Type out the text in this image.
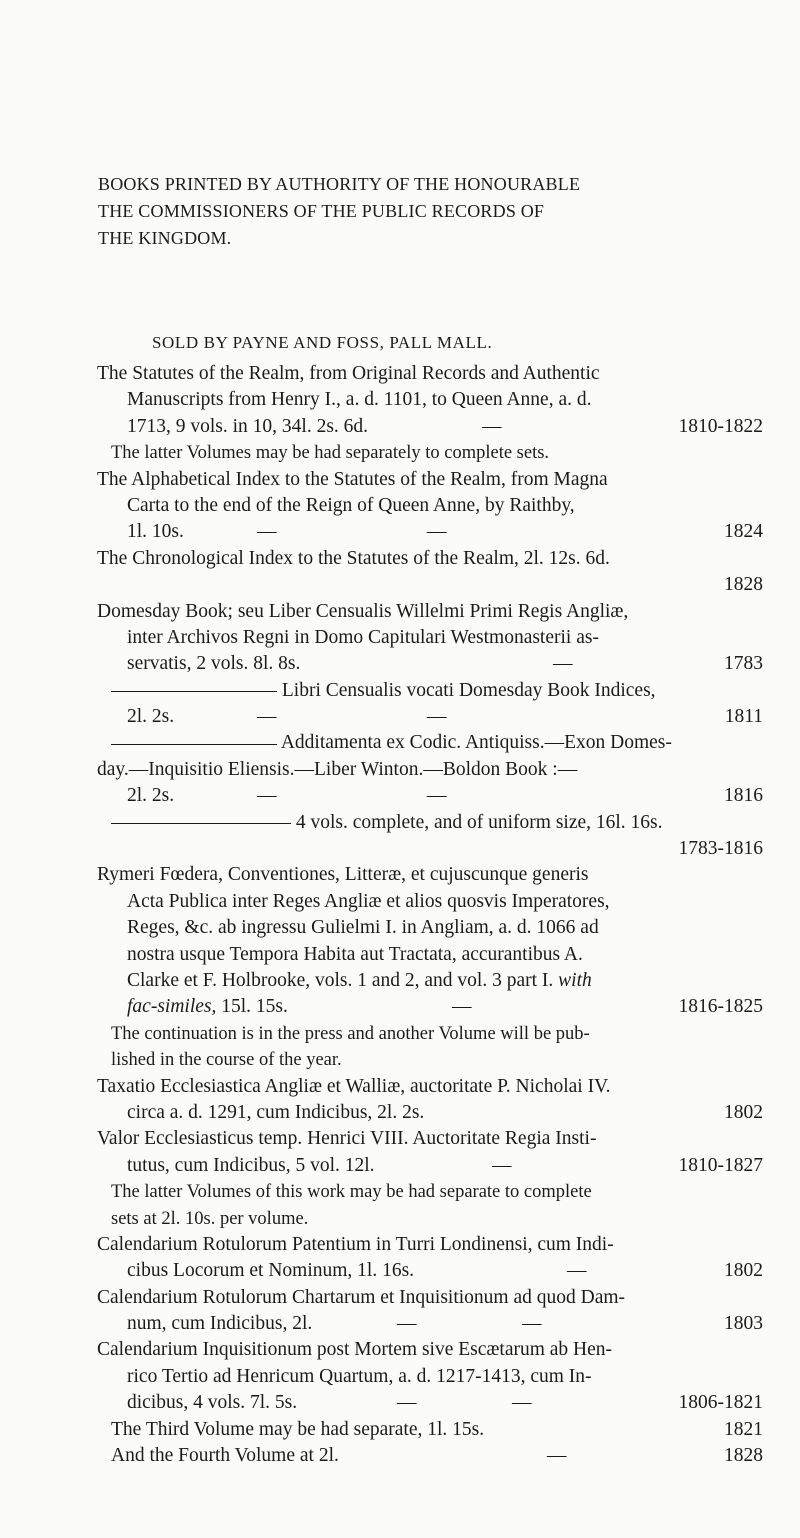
BOOKS PRINTED BY AUTHORITY OF THE HONOURABLE
THE COMMISSIONERS OF THE PUBLIC RECORDS OF
THE KINGDOM.
SOLD BY PAYNE AND FOSS, PALL MALL.
The Statutes of the Realm, from Original Records and Authentic
Manuscripts from Henry I., a. d. 1101, to Queen Anne, a. d.
1713, 9 vols. in 10, 34l. 2s. 6d.	—	1810-1822
The latter Volumes may be had separately to complete sets.
The Alphabetical Index to the Statutes of the Realm, from Magna
Carta to the end of the Reign of Queen Anne, by Raithby,
1l. 10s.	—	—	1824
The Chronological Index to the Statutes of the Realm, 2l. 12s. 6d.
1828
Domesday Book; seu Liber Censualis Willelmi Primi Regis Angliæ,
inter Archivos Regni in Domo Capitulari Westmonasterii as-
servatis, 2 vols. 8l. 8s.	—	1783
Libri Censualis vocati Domesday Book Indices,
2l. 2s.	—	—	1811
Additamenta ex Codic. Antiquiss.—Exon Domes-
day.—Inquisitio Eliensis.—Liber Winton.—Boldon Book :—
2l. 2s.	—	—	1816
4 vols. complete, and of uniform size, 16l. 16s.
1783-1816
Rymeri Fœdera, Conventiones, Litteræ, et cujuscunque generis
Acta Publica inter Reges Angliæ et alios quosvis Imperatores,
Reges, &c. ab ingressu Gulielmi I. in Angliam, a. d. 1066 ad
nostra usque Tempora Habita aut Tractata, accurantibus A.
Clarke et F. Holbrooke, vols. 1 and 2, and vol. 3 part I. with
fac-similes, 15l. 15s.	—	1816-1825
The continuation is in the press and another Volume will be pub-
lished in the course of the year.
Taxatio Ecclesiastica Angliæ et Walliæ, auctoritate P. Nicholai IV.
circa a. d. 1291, cum Indicibus, 2l. 2s.	1802
Valor Ecclesiasticus temp. Henrici VIII. Auctoritate Regia Insti-
tutus, cum Indicibus, 5 vol. 12l.	—	1810-1827
The latter Volumes of this work may be had separate to complete
sets at 2l. 10s. per volume.
Calendarium Rotulorum Patentium in Turri Londinensi, cum Indi-
cibus Locorum et Nominum, 1l. 16s.	—	1802
Calendarium Rotulorum Chartarum et Inquisitionum ad quod Dam-
num, cum Indicibus, 2l.	—	—	1803
Calendarium Inquisitionum post Mortem sive Escætarum ab Hen-
rico Tertio ad Henricum Quartum, a. d. 1217-1413, cum In-
dicibus, 4 vols. 7l. 5s.	—	—	1806-1821
The Third Volume may be had separate, 1l. 15s.	1821
And the Fourth Volume at 2l.	—	1828
